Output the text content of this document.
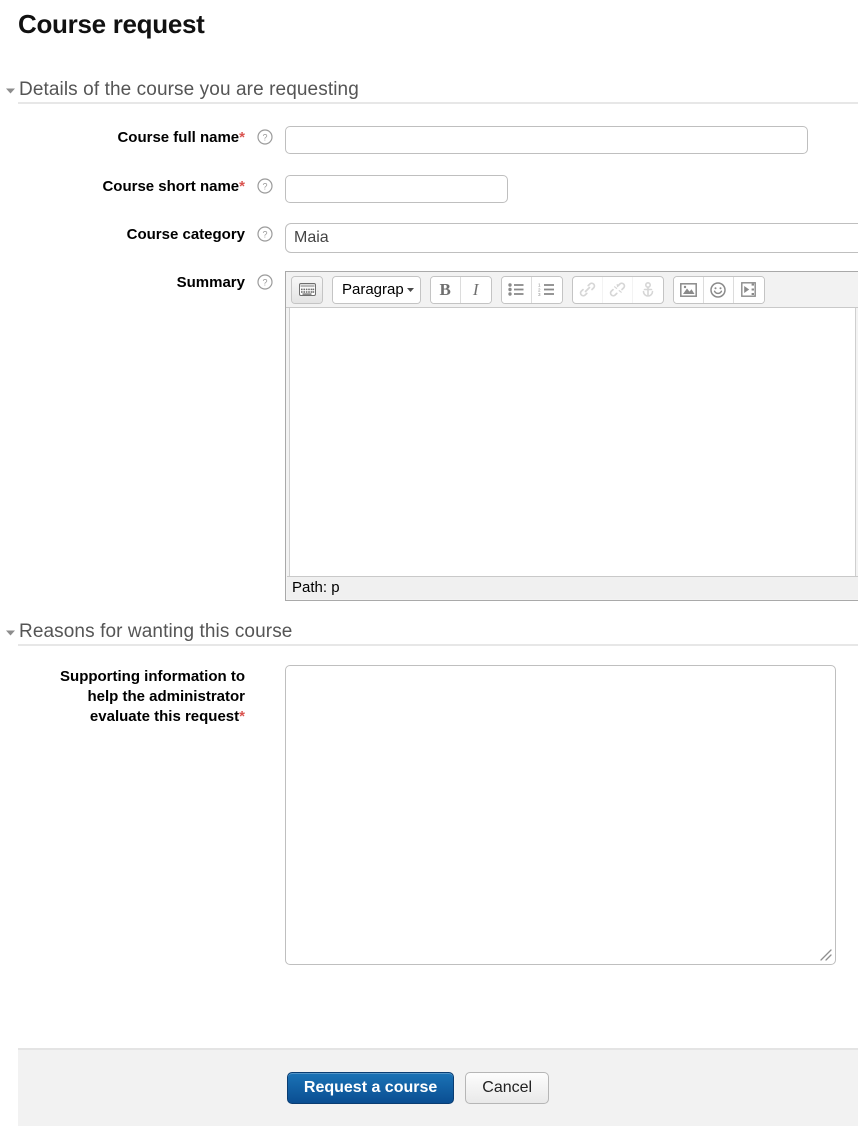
Course request
Details of the course you are requesting
Course full name* ?
Course short name* ?
Course category ?	Maia
Summary ?	Paragrap B I	1
2
3
Path: p
Reasons for wanting this course
Supporting information to
help the administrator
evaluate this request*
Request a course	Cancel
